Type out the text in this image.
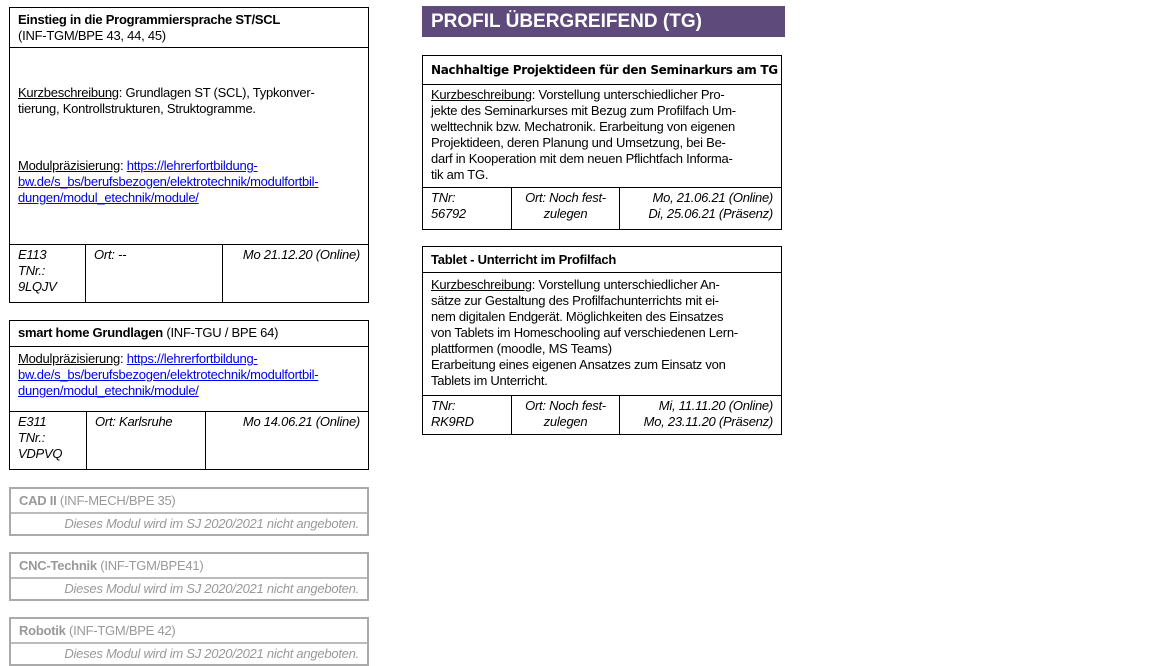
Einstieg in die Programmiersprache ST/SCL
(INF-TGM/BPE 43, 44, 45)

Kurzbeschreibung: Grundlagen ST (SCL), Typkonver-
tierung, Kontrollstrukturen, Struktogramme.

Modulpräzisierung: https://lehrerfortbildung-
bw.de/s_bs/berufsbezogen/elektrotechnik/modulfortbil-
dungen/modul_etechnik/module/

E113
TNr.:
9LQJV
Ort: --	Mo 21.12.20 (Online)
smart home Grundlagen (INF-TGU / BPE 64)
Modulpräzisierung: https://lehrerfortbildung-
bw.de/s_bs/berufsbezogen/elektrotechnik/modulfortbil-
dungen/modul_etechnik/module/
E311
TNr.:
VDPVQ
Ort: Karlsruhe	Mo 14.06.21 (Online)
CAD II (INF-MECH/BPE 35)
Dieses Modul wird im SJ 2020/2021 nicht angeboten.
CNC-Technik (INF-TGM/BPE41)
Dieses Modul wird im SJ 2020/2021 nicht angeboten.
Robotik (INF-TGM/BPE 42)
Dieses Modul wird im SJ 2020/2021 nicht angeboten.
PROFIL ÜBERGREIFEND (TG)
Nachhaltige Projektideen für den Seminarkurs am TG
Kurzbeschreibung: Vorstellung unterschiedlicher Pro-
jekte des Seminarkurses mit Bezug zum Profilfach Um-
welttechnik bzw. Mechatronik. Erarbeitung von eigenen
Projektideen, deren Planung und Umsetzung, bei Be-
darf in Kooperation mit dem neuen Pflichtfach Informa-
tik am TG.
TNr:
56792
Ort: Noch fest-
zulegen
Mo, 21.06.21 (Online)
Di, 25.06.21 (Präsenz)
Tablet - Unterricht im Profilfach
Kurzbeschreibung: Vorstellung unterschiedlicher An-
sätze zur Gestaltung des Profilfachunterrichts mit ei-
nem digitalen Endgerät. Möglichkeiten des Einsatzes
von Tablets im Homeschooling auf verschiedenen Lern-
plattformen (moodle, MS Teams)
Erarbeitung eines eigenen Ansatzes zum Einsatz von
Tablets im Unterricht.
TNr:
RK9RD
Ort: Noch fest-
zulegen
Mi, 11.11.20 (Online)
Mo, 23.11.20 (Präsenz)
